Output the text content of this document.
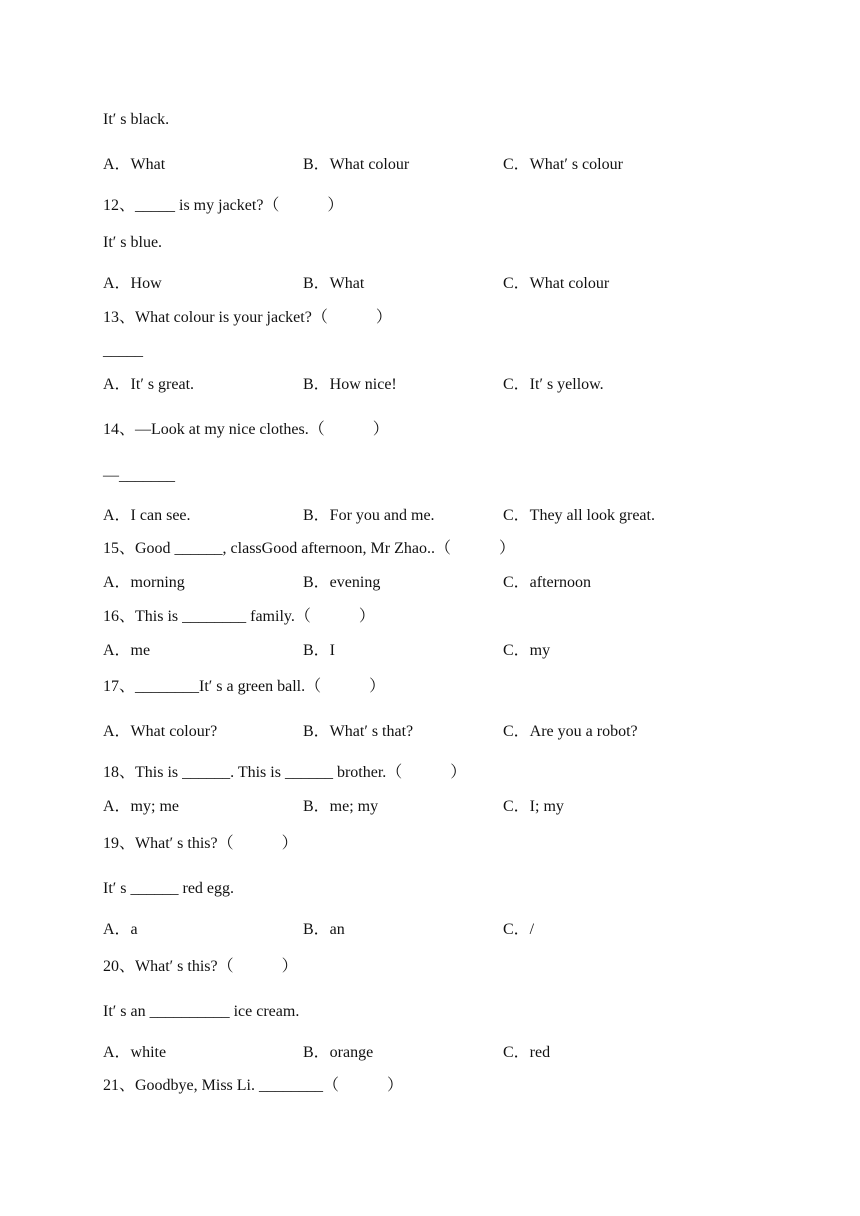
It′ s black.
A．What	B．What colour	C．What′ s colour
12、_____ is my jacket?（　　　）
It′ s blue.
A．How	B．What	C．What colour
13、What colour is your jacket?（　　　）
_____
A．It′ s great.	B．How nice!	C．It′ s yellow.
14、—Look at my nice clothes.（　　　）
—_______
A．I can see.	B．For you and me.	C．They all look great.
15、Good ______, classGood afternoon, Mr Zhao..（　　　）
A．morning	B．evening	C．afternoon
16、This is ________ family.（　　　）
A．me	B．I	C．my
17、________It′ s a green ball.（　　　）
A．What colour?	B．What′ s that?	C．Are you a robot?
18、This is ______. This is ______ brother.（　　　）
A．my; me	B．me; my	C．I; my
19、What′ s this?（　　　）
It′ s ______ red egg.
A．a	B．an	C．/
20、What′ s this?（　　　）
It′ s an __________ ice cream.
A．white	B．orange	C．red
21、Goodbye, Miss Li. ________（　　　）
